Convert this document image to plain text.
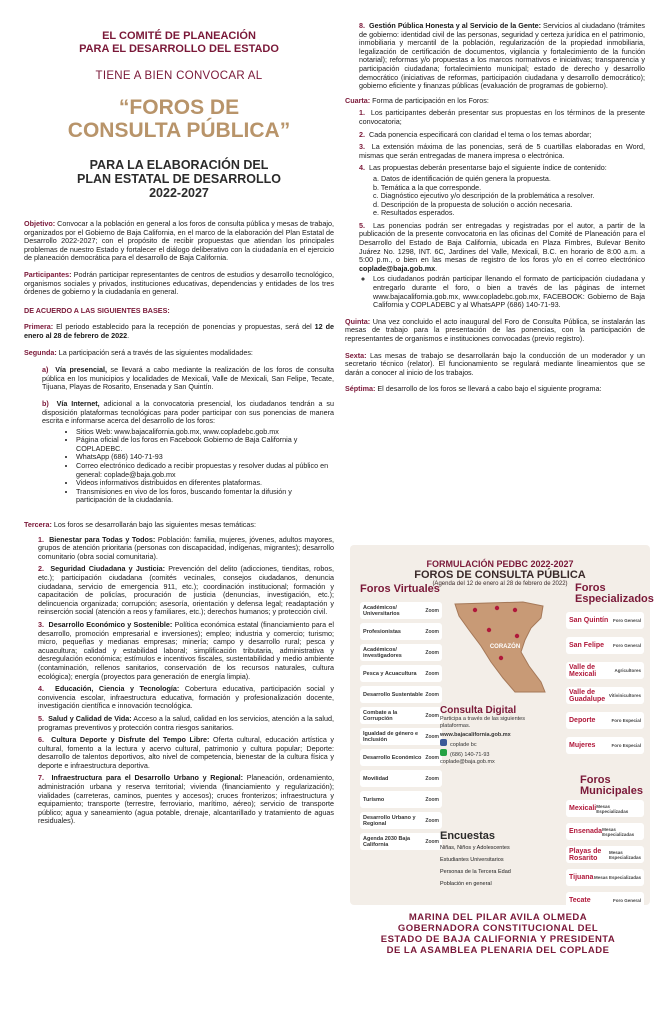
EL COMITÉ DE PLANEACIÓN
PARA EL DESARROLLO DEL ESTADO
TIENE A BIEN CONVOCAR AL
“FOROS DE
CONSULTA PÚBLICA”
PARA LA ELABORACIÓN DEL
PLAN ESTATAL DE DESARROLLO
2022-2027

Objetivo: Convocar a la población en general a los foros de consulta pública y mesas de trabajo, organizados por el Gobierno de Baja California, en el marco de la elaboración del Plan Estatal de Desarrollo 2022-2027; con el propósito de recibir propuestas que atiendan los principales problemas de nuestro Estado y fortalecer el diálogo deliberativo con la ciudadanía en el ejercicio de planeación democrática para el desarrollo de Baja California.

Participantes: Podrán participar representantes de centros de estudios y desarrollo tecnológico, organismos sociales y privados, instituciones educativas, dependencias y entidades de los tres órdenes de gobierno y la ciudadanía en general.

DE ACUERDO A LAS SIGUIENTES BASES:

Primera: El periodo establecido para la recepción de ponencias y propuestas, será del 12 de enero al 28 de febrero de 2022.

Segunda: La participación será a través de las siguientes modalidades:

a) Vía presencial, se llevará a cabo mediante la realización de los foros de consulta pública en los municipios y localidades de Mexicali, Valle de Mexicali, San Felipe, Tecate, Tijuana, Playas de Rosarito, Ensenada y San Quintín.

b) Vía Internet, adicional a la convocatoria presencial, los ciudadanos tendrán a su disposición plataformas tecnológicas para poder participar con sus ponencias de manera escrita e informarse acerca del desarrollo de los foros:

• Sitios Web: www.bajacalifornia.gob.mx, www.copladebc.gob.mx
• Página oficial de los foros en Facebook Gobierno de Baja California y COPLADEBC.
• WhatsApp (686) 140-71-93
• Correo electrónico dedicado a recibir propuestas y resolver dudas al público en general: coplade@baja.gob.mx
• Videos informativos distribuidos en diferentes plataformas.
• Transmisiones en vivo de los foros, buscando fomentar la difusión y participación de la ciudadanía.

Tercera: Los foros se desarrollarán bajo las siguientes mesas temáticas:

1. Bienestar para Todas y Todos: Población: familia, mujeres, jóvenes, adultos mayores, grupos de atención prioritaria (personas con discapacidad, indígenas, migrantes); desarrollo comunitario (obra social comunitaria).
2. Seguridad Ciudadana y Justicia: Prevención del delito (adicciones, tienditas, robos, etc.); participación ciudadana (comités vecinales, consejos ciudadanos, denuncia ciudadana, servicio de emergencia 911, etc.); coordinación institucional; formación y capacitación de policías, procuración de justicia (denuncias, investigación, etc.); delincuencia organizada; corrupción; asesoría, orientación y defensa legal; readaptación y reinserción social (atención a reos y familiares, etc.); derechos humanos; y protección civil.
3. Desarrollo Económico y Sostenible: Política económica estatal (financiamiento para el desarrollo, promoción empresarial e inversiones); empleo; industria y comercio; turismo; micro, pequeñas y medianas empresas; minería; campo y desarrollo rural; pesca y acuacultura; calidad y estabilidad laboral; simplificación tributaria, administrativa y desregulación económica; estímulos e incentivos fiscales, sustentabilidad y medio ambiente (contaminación, rellenos sanitarios, conservación de los recursos naturales, cultura ecológica); energía (proyectos para generación de energía limpia).
4. Educación, Ciencia y Tecnología: Cobertura educativa, participación social y convivencia escolar, infraestructura educativa, formación y profesionalización docente, investigación científica e innovación tecnológica.
5. Salud y Calidad de Vida: Acceso a la salud, calidad en los servicios, atención a la salud, programas preventivos y protección contra riesgos sanitarios.
6. Cultura Deporte y Disfrute del Tempo Libre: Oferta cultural, educación artística y cultural, fomento a la lectura y acervo cultural, patrimonio y cultura popular; Deporte: desarrollo de talentos deportivos, alto nivel de competencia, bienestar de la cultura física y deporte e infraestructura deportiva.
7. Infraestructura para el Desarrollo Urbano y Regional: Planeación, ordenamiento, administración urbana y reserva territorial; vivienda (financiamiento y regularización); vialidades (carreteras, caminos, puentes y accesos); cruces fronterizos; infraestructura y equipamiento; transporte (terrestre, ferroviario, marítimo, aéreo); servicio de transporte público; agua y saneamiento (agua potable, drenaje, alcantarillado y tratamiento de aguas residuales).
8. Gestión Pública Honesta y al Servicio de la Gente: Servicios al ciudadano (trámites de gobierno: identidad civil de las personas, seguridad y certeza jurídica en el patrimonio, inmobiliaria y mercantil de la población, regularización de la propiedad inmobiliaria, legalización de certificación de documentos, vigilancia y fortalecimiento de la función notarial); reformas y/o propuestas a los marcos normativos e iniciativas; transparencia y participación ciudadana; fortalecimiento municipal; estado de derecho y desarrollo democrático (iniciativas de reformas, participación ciudadana y desarrollo democrático); gobierno eficiente y finanzas públicas (evaluación de programas de gobierno).

Cuarta: Forma de participación en los Foros:

1. Los participantes deberán presentar sus propuestas en los términos de la presente convocatoria;
2. Cada ponencia especificará con claridad el tema o los temas abordar;
3. La extensión máxima de las ponencias, será de 5 cuartillas elaboradas en Word, mismas que serán entregadas de manera impresa o electrónica.
4. Las propuestas deberán presentarse bajo el siguiente índice de contenido:
a. Datos de identificación de quién genera la propuesta.
b. Temática a la que corresponde.
c. Diagnóstico ejecutivo y/o descripción de la problemática a resolver.
d. Descripción de la propuesta de solución o acción necesaria.
e. Resultados esperados.
5. Las ponencias podrán ser entregadas y registradas por el autor, a partir de la publicación de la presente convocatoria en las oficinas del Comité de Planeación para el Desarrollo del Estado de Baja California, ubicada en Plaza Fimbres, Bulevar Benito Juárez No. 1298, INT. 6C, Jardines del Valle, Mexicali, B.C. en horario de 8:00 a.m. a 5:00 p.m., o bien en las mesas de registro de los foros y/o en el correo electrónico coplade@baja.gob.mx.
◦ Los ciudadanos podrán participar llenando el formato de participación ciudadana y entregarlo durante el foro, o bien a través de las páginas de internet www.bajacalifornia.gob.mx, www.copladebc.gob.mx, FACEBOOK: Gobierno de Baja California y COPLADEBC y al WhatsAPP (686) 140-71-93.

Quinta: Una vez concluido el acto inaugural del Foro de Consulta Pública, se instalarán las mesas de trabajo para la presentación de las ponencias, con la participación de representantes de organismos e instituciones convocadas (previo registro).

Sexta: Las mesas de trabajo se desarrollarán bajo la conducción de un moderador y un secretario técnico (relator). El funcionamiento se regulará mediante lineamientos que se darán a conocer al inicio de los trabajos.

Séptima: El desarrollo de los foros se llevará a cabo bajo el siguiente programa:

FORMULACIÓN PEDBC 2022-2027
FOROS DE CONSULTA PÚBLICA
(Agenda del 12 de enero al 28 de febrero de 2022)
Foros Virtuales
Académicos/ Universitarios	Zoom
Profesionistas	Zoom
Académicos/ investigadores	Zoom
Pesca y Acuacultura Zoom
Desarrollo Sustentable Zoom
Combate a la Corrupción	Zoom
Igualdad de género e Inclusión	Zoom
Desarrollo Económico Zoom
Movilidad	Zoom
Turismo	Zoom
Desarrollo Urbano y Regional	Zoom
Agenda 2030 Baja California	Zoom
CORAZÓN
Consulta Digital
Participa a través de las siguientes plataformas.
www.bajacalifornia.gob.mx
coplade bc
(686) 140-71-93
coplade@baja.gob.mx
Encuestas
Niñas, Niños y Adolescentes
Estudiantes Universitarios
Personas de la Tercera Edad
Población en general
Foros Especializados
San Quintín Foro General
San Felipe Foro General
Valle de Mexicali	Agricultores
Valle de Guadalupe Vitivinicultores
Deporte	Foro Especial
Mujeres	Foro Especial
Foros Municipales
Mexicali Mesas Especializadas
Ensenada Mesas Especializadas
Playas de Rosarito
Mesas Especializadas
Tijuana Mesas Especializadas
Tecate	Foro General
MARINA DEL PILAR AVILA OLMEDA
GOBERNADORA CONSTITUCIONAL DEL
ESTADO DE BAJA CALIFORNIA Y PRESIDENTA
DE LA ASAMBLEA PLENARIA DEL COPLADE
